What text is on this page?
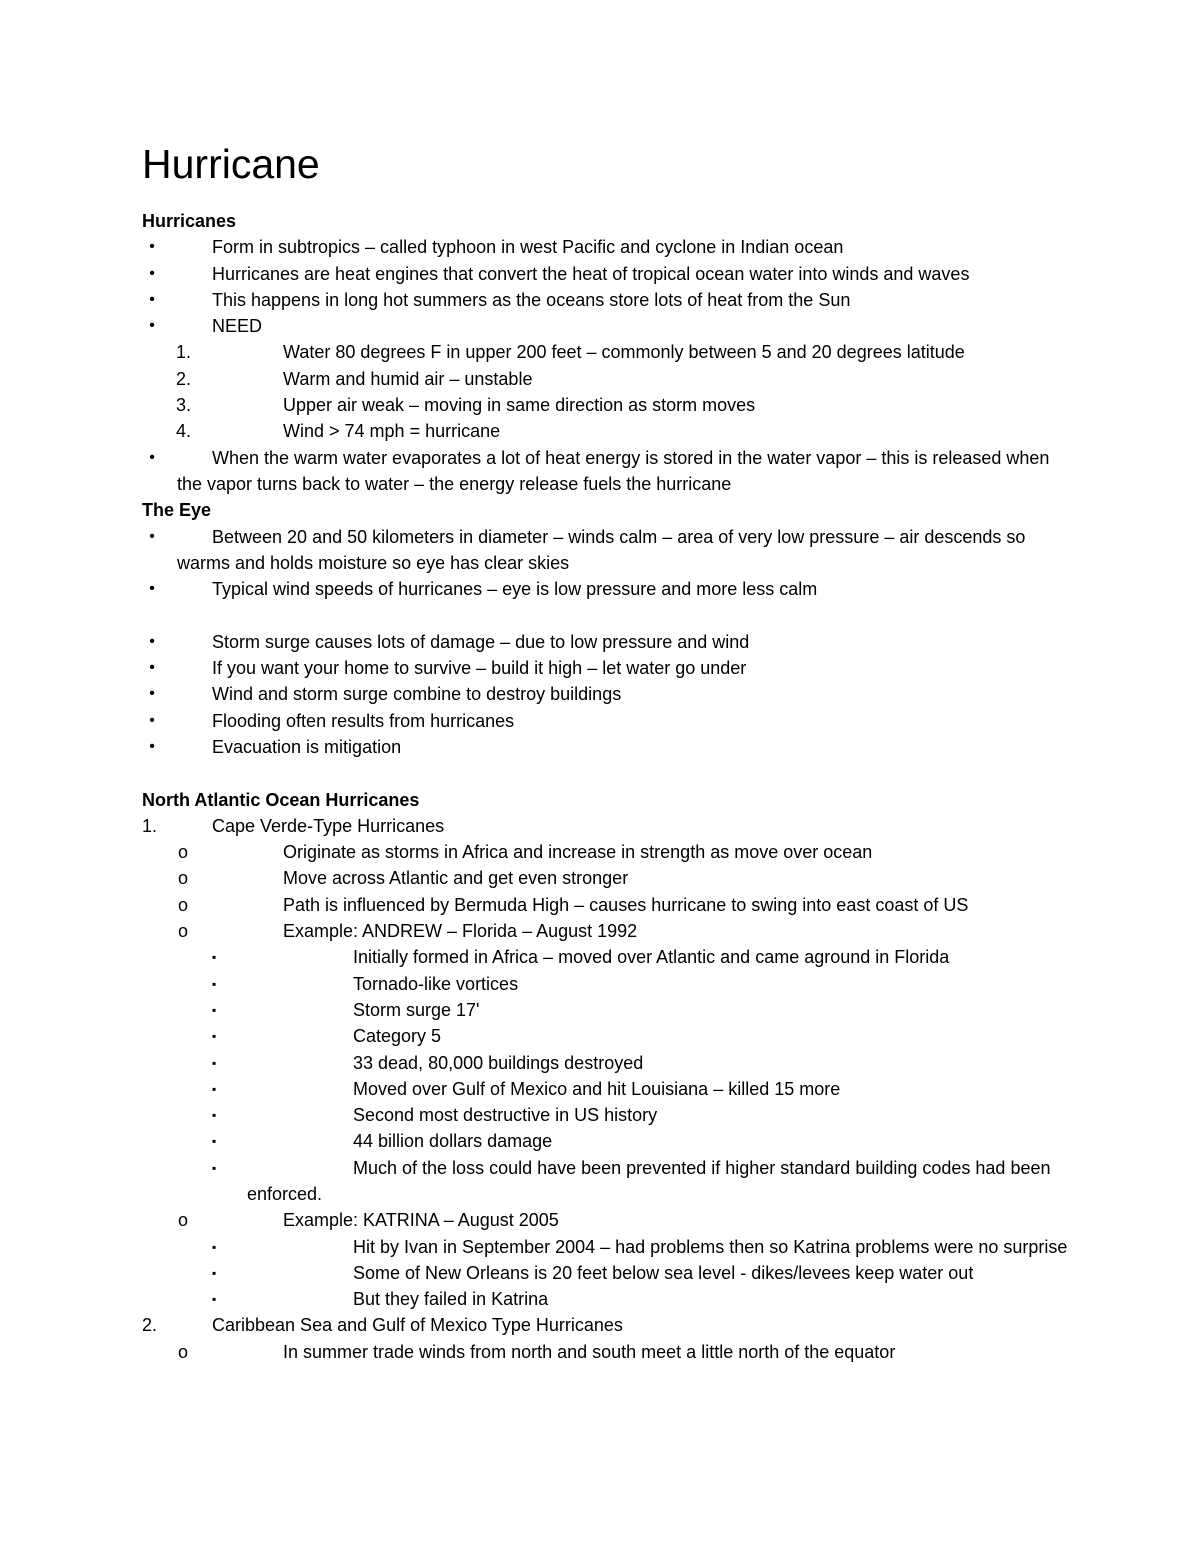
Hurricane
Hurricanes
•	Form in subtropics – called typhoon in west Pacific and cyclone in Indian ocean
•	Hurricanes are heat engines that convert the heat of tropical ocean water into winds and waves
•	This happens in long hot summers as the oceans store lots of heat from the Sun
•	NEED
1.	Water 80 degrees F in upper 200 feet – commonly between 5 and 20 degrees latitude
2.	Warm and humid air – unstable
3.	Upper air weak – moving in same direction as storm moves
4.	Wind > 74 mph = hurricane
•	When the warm water evaporates a lot of heat energy is stored in the water vapor – this is released when the vapor turns back to water – the energy release fuels the hurricane
The Eye
•	Between 20 and 50 kilometers in diameter – winds calm – area of very low pressure – air descends so warms and holds moisture so eye has clear skies
•	Typical wind speeds of hurricanes – eye is low pressure and more less calm
•	Storm surge causes lots of damage – due to low pressure and wind
•	If you want your home to survive – build it high – let water go under
•	Wind and storm surge combine to destroy buildings
•	Flooding often results from hurricanes
•	Evacuation is mitigation
North Atlantic Ocean Hurricanes
1.	Cape Verde-Type Hurricanes
o	Originate as storms in Africa and increase in strength as move over ocean
o	Move across Atlantic and get even stronger
o	Path is influenced by Bermuda High – causes hurricane to swing into east coast of US
o	Example: ANDREW – Florida – August 1992
▪	Initially formed in Africa – moved over Atlantic and came aground in Florida
▪	Tornado-like vortices
▪	Storm surge 17'
▪	Category 5
▪	33 dead, 80,000 buildings destroyed
▪	Moved over Gulf of Mexico and hit Louisiana – killed 15 more
▪	Second most destructive in US history
▪	44 billion dollars damage
▪	Much of the loss could have been prevented if higher standard building codes had been enforced.
o	Example: KATRINA – August 2005
▪	Hit by Ivan in September 2004 – had problems then so Katrina problems were no surprise
▪	Some of New Orleans is 20 feet below sea level - dikes/levees keep water out
▪	But they failed in Katrina
2.	Caribbean Sea and Gulf of Mexico Type Hurricanes
o	In summer trade winds from north and south meet a little north of the equator
